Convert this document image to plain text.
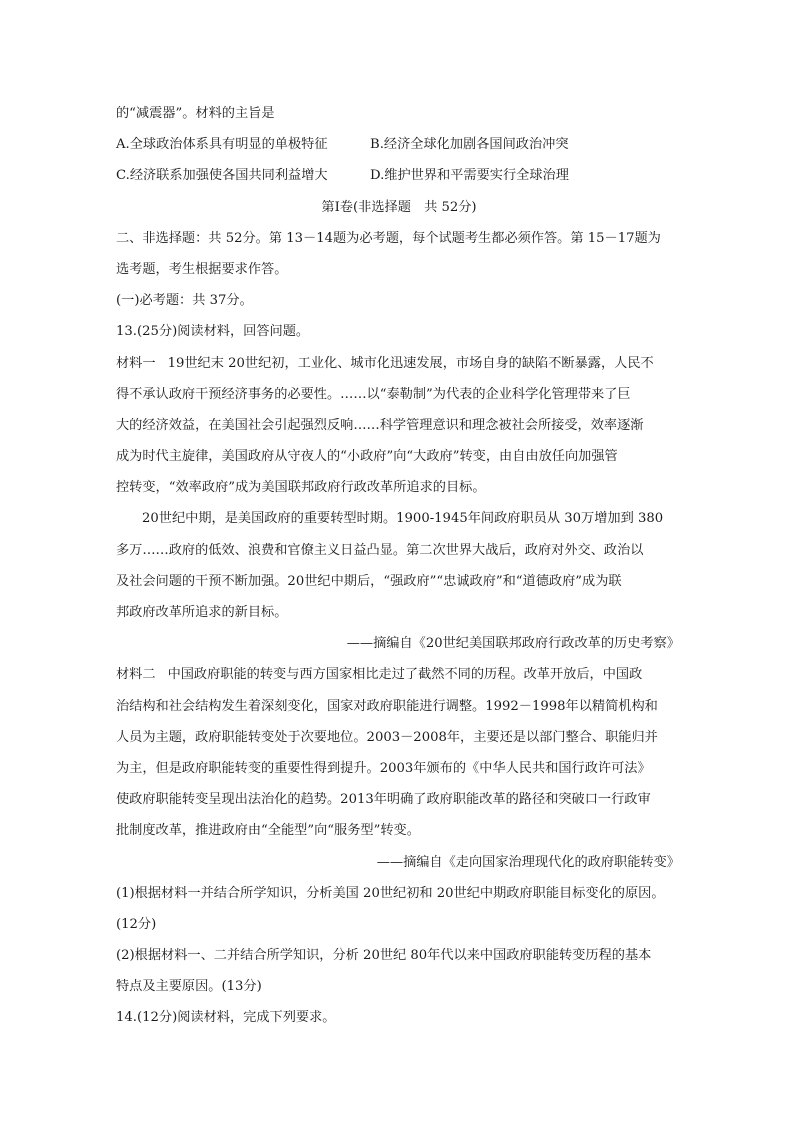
的“减震器”。材料的主旨是
A.全球政治体系具有明显的单极特征	B.经济全球化加剧各国间政治冲突
C.经济联系加强使各国共同利益增大	D.维护世界和平需要实行全球治理
第Ⅰ卷(非选择题　共 52分)
二、非选择题：共 52分。第 13－14题为必考题，每个试题考生都必须作答。第 15－17题为
选考题，考生根据要求作答。
(一)必考题：共 37分。
13.(25分)阅读材料，回答问题。
材料一 19世纪末 20世纪初，工业化、城市化迅速发展，市场自身的缺陷不断暴露，人民不
得不承认政府干预经济事务的必要性。……以“泰勒制”为代表的企业科学化管理带来了巨
大的经济效益，在美国社会引起强烈反响……科学管理意识和理念被社会所接受，效率逐渐
成为时代主旋律，美国政府从守夜人的“小政府”向“大政府”转变，由自由放任向加强管
控转变，“效率政府”成为美国联邦政府行政改革所追求的目标。
20世纪中期，是美国政府的重要转型时期。1900-1945年间政府职员从 30万增加到 380
多万……政府的低效、浪费和官僚主义日益凸显。第二次世界大战后，政府对外交、政治以
及社会问题的干预不断加强。20世纪中期后，“强政府”“忠诚政府”和“道德政府”成为联
邦政府改革所追求的新目标。
——摘编自《20世纪美国联邦政府行政改革的历史考察》
材料二 中国政府职能的转变与西方国家相比走过了截然不同的历程。改革开放后，中国政
治结构和社会结构发生着深刻变化，国家对政府职能进行调整。1992－1998年以精简机构和
人员为主题，政府职能转变处于次要地位。2003－2008年，主要还是以部门整合、职能归并
为主，但是政府职能转变的重要性得到提升。2003年颁布的《中华人民共和国行政许可法》
使政府职能转变呈现出法治化的趋势。2013年明确了政府职能改革的路径和突破口一行政审
批制度改革，推进政府由“全能型”向“服务型”转变。
——摘编自《走向国家治理现代化的政府职能转变》
(1)根据材料一并结合所学知识，分析美国 20世纪初和 20世纪中期政府职能目标变化的原因。
(12分)
(2)根据材料一、二并结合所学知识，分析 20世纪 80年代以来中国政府职能转变历程的基本
特点及主要原因。(13分)
14.(12分)阅读材料，完成下列要求。
